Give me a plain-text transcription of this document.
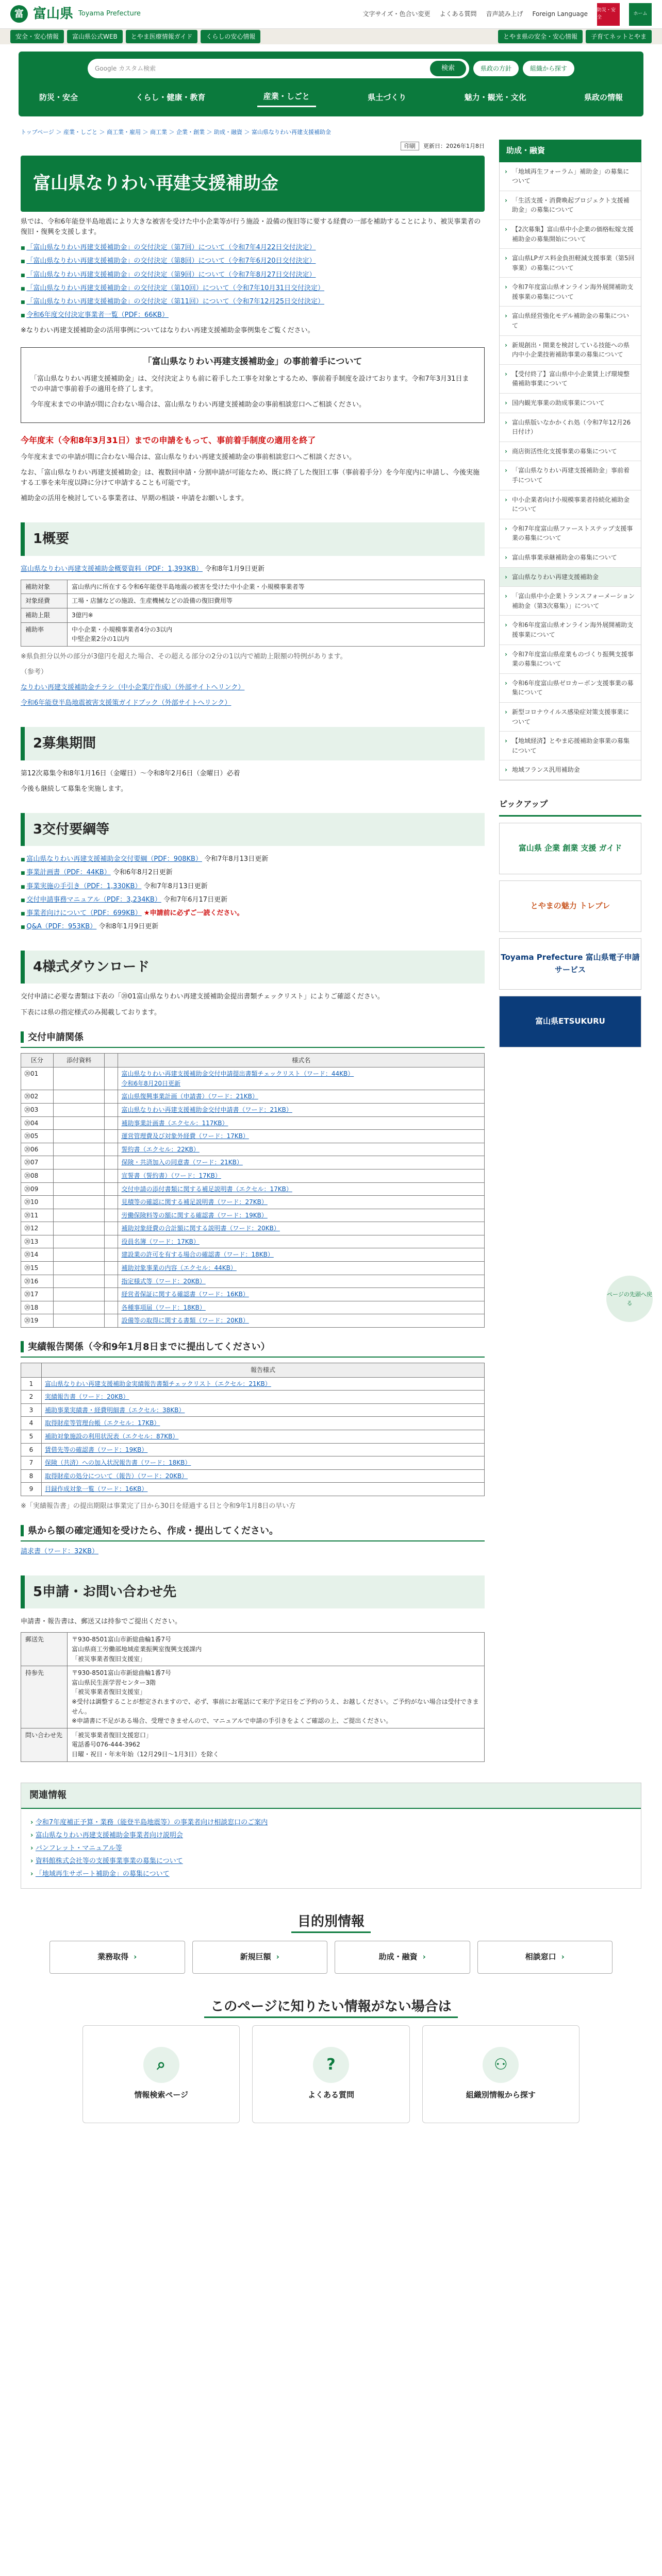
富 富山県 Toyama Prefecture	文字サイズ・色合い変更 よくある質問 音声読み上げ Foreign Language
防災・安全
ホーム
安全・安心情報	富山県公式WEB	とやま医療情報ガイド	くらしの安心情報	とやま県の安全・安心情報	子育てネットとやま
Google カスタム検索	検索	県政の方針	組織から探す
防災・安全	くらし・健康・教育	産業・しごと	県土づくり	魅力・観光・文化	県政の情報
トップページ ＞ 産業・しごと ＞ 商工業・雇用 ＞ 商工業 ＞ 企業・創業 ＞ 助成・融資 ＞ 富山県なりわい再建支援補助金
印刷 更新日：2026年1月8日
富山県なりわい再建支援補助金

県では、令和6年能登半島地震により大きな被害を受けた中小企業等が行う施設・設備の復旧等に要する経費の一部を補助することにより、被災事業者の復旧・復興を支援します。

■ 「富山県なりわい再建支援補助金」の交付決定（第7回）について（令和7年4月22日交付決定）
■ 「富山県なりわい再建支援補助金」の交付決定（第8回）について（令和7年6月20日交付決定）
■ 「富山県なりわい再建支援補助金」の交付決定（第9回）について（令和7年8月27日交付決定）
■ 「富山県なりわい再建支援補助金」の交付決定（第10回）について（令和7年10月31日交付決定）
■ 「富山県なりわい再建支援補助金」の交付決定（第11回）について（令和7年12月25日交付決定）
■ 令和6年度交付決定事業者一覧（PDF：66KB）

※なりわい再建支援補助金の活用事例についてはなりわい再建支援補助金事例集をご覧ください。

「富山県なりわい再建支援補助金」の事前着手について

「富山県なりわい再建支援補助金」は、交付決定よりも前に着手した工事を対象とするため、事前着手制度を設けております。令和7年3月31日までの申請で事前着手の適用を終了します。

今年度末までの申請が間に合わない場合は、富山県なりわい再建支援補助金の事前相談窓口へご相談ください。

今年度末（令和8年3月31日）までの申請をもって、事前着手制度の適用を終了

今年度末までの申請が間に合わない場合は、富山県なりわい再建支援補助金の事前相談窓口へご相談ください。

なお、「富山県なりわい再建支援補助金」は、複数回申請・分割申請が可能なため、既に終了した復旧工事（事前着手分）を今年度内に申請し、今後実施する工事を来年度以降に分けて申請することも可能です。

補助金の活用を検討している事業者は、早期の相談・申請をお願いします。

1概要

富山県なりわい再建支援補助金概要資料（PDF：1,393KB） 令和8年1月9日更新

補助対象	富山県内に所在する令和6年能登半島地震の被害を受けた中小企業・小規模事業者等
対象経費	工場・店舗などの施設、生産機械などの設備の復旧費用等
補助上限	3億円※
補助率	中小企業・小規模事業者4分の3以内
中堅企業2分の1以内

※県負担分以外の部分が3億円を超えた場合、その超える部分の2分の1以内で補助上限額の特例があります。

（参考）

なりわい再建支援補助金チラシ（中小企業庁作成）（外部サイトへリンク）

令和6年能登半島地震被害支援策ガイドブック（外部サイトへリンク）

2募集期間

第12次募集令和8年1月16日（金曜日）～令和8年2月6日（金曜日）必着

今後も継続して募集を実施します。

3交付要綱等
■ 富山県なりわい再建支援補助金交付要綱（PDF：908KB） 令和7年8月13日更新
■ 事業計画書（PDF：44KB） 令和6年8月2日更新
■ 事業実施の手引き（PDF：1,330KB） 令和7年8月13日更新
■ 交付申請事務マニュアル（PDF：3,234KB） 令和7年6月17日更新
■ 事業者向けについて（PDF：699KB） ★申請前に必ずご一読ください。
■ Q&A（PDF：953KB） 令和8年1月9日更新
4様式ダウンロード

交付申請に必要な書類は下表の「⑳01富山県なりわい再建支援補助金提出書類チェックリスト」によりご確認ください。

下表には県の指定様式のみ掲載しております。

交付申請関係
区分	添付資料		様式名
⑳01			富山県なりわい再建支援補助金交付申請提出書類チェックリスト（ワード：44KB）
令和6年8月20日更新
⑳02			富山県復興事業計画（申請書）（ワード：21KB）
⑳03			富山県なりわい再建支援補助金交付申請書（ワード：21KB）
⑳04			補助事業計画書（エクセル：117KB）
⑳05			運営管理費及び対象外経費（ワード：17KB）
⑳06			誓約書（エクセル：22KB）
⑳07			保険・共済加入の同意書（ワード：21KB）
⑳08			宣誓書（誓約書）（ワード：17KB）
⑳09			交付申請の添付書類に関する補足説明書（エクセル：17KB）
⑳10			見積等の確認に関する補足説明書（ワード：27KB）
⑳11			労働保険料等の額に関する確認書（ワード：19KB）
⑳12			補助対象経費の合計額に関する説明書（ワード：20KB）
⑳13			役員名簿（ワード：17KB）
⑳14			建設業の許可を有する場合の確認書（ワード：18KB）
⑳15			補助対象事業の内容（エクセル：44KB）
⑳16			指定様式等（ワード：20KB）
⑳17			経営者保証に関する確認書（ワード：16KB）
⑳18			各種事項届（ワード：18KB）
⑳19			設備等の取得に関する書類（ワード：20KB）
実績報告関係（令和9年1月8日までに提出してください）
	報告様式
1	富山県なりわい再建支援補助金実績報告書類チェックリスト（エクセル：21KB）
2	実績報告書（ワード：20KB）
3	補助事業実績書・経費明細書（エクセル：38KB）
4	取得財産等管理台帳（エクセル：17KB）
5	補助対象施設の利用状況表（エクセル：87KB）
6	賃借先等の確認書（ワード：19KB）
7	保険（共済）への加入状況報告書（ワード：18KB）
8	取得財産の処分について（報告）（ワード：20KB）
9	目録作成対象一覧（ワード：16KB）

※「実績報告書」の提出期限は事業完了日から30日を経過する日と令和9年1月8日の早い方

県から額の確定通知を受けたら、作成・提出してください。

請求書（ワード：32KB）

5申請・お問い合わせ先

申請書・報告書は、郵送又は持参でご提出ください。

郵送先	〒930-8501富山市新総曲輪1番7号
富山県商工労働部地域産業振興室復興支援課内
「被災事業者復旧支援室」
持参先	〒930-8501富山市新総曲輪1番7号
富山県民生涯学習センター3階
「被災事業者復旧支援室」
※受付は調整することが想定されますので、必ず、事前にお電話にて来庁予定日をご予約のうえ、お越しください。ご予約がない場合は受付できません。
※申請書に不足がある場合、受理できませんので、マニュアルで申請の手引きをよくご確認の上、ご提出ください。
問い合わせ先	「被災事業者復旧支援窓口」
電話番号076-444-3962
日曜・祝日・年末年始（12月29日～1月3日）を除く
助成・融資
› 「地域再生フォーラム」補助金」の募集について
› 「生活支援・消費喚起プロジェクト支援補助金」の募集について
› 【2次募集】富山県中小企業の価格転嫁支援補助金の募集開始について
› 富山県LPガス料金負担軽減支援事業（第5回事業）の募集について
› 令和7年度富山県オンライン海外展開補助支援事業の募集について
› 富山県経営強化モデル補助金の募集について
› 新規創出・開業を検討している技能への県内中小企業技術補助事業の募集について
› 【受付終了】富山県中小企業賃上げ環境整備補助事業について
› 国内観光事業の助成事業について
› 富山県版いなかかくれ処（令和7年12月26日付け）
› 商店街活性化支援事業の募集について
› 「富山県なりわい再建支援補助金」事前着手について
› 中小企業者向け小規模事業者持続化補助金について
› 令和7年度富山県ファーストステップ支援事業の募集について
› 富山県事業承継補助金の募集について
› 富山県なりわい再建支援補助金
› 「富山県中小企業トランスフォーメーション補助金（第3次募集）」について
› 令和6年度富山県オンライン海外展開補助支援事業について
› 令和7年度富山県産業ものづくり振興支援事業の募集について
› 令和6年度富山県ゼロカーボン支援事業の募集について
› 新型コロナウイルス感染症対策支援事業について
› 【地域経済】とやま応援補助金事業の募集について
› 地域フランス汎用補助金
ピックアップ
富山県 企業 創業 支援 ガイド
とやまの魅力 トレブレ
Toyama Prefecture 富山県電子申請サービス
富山県ETSUKURU
ページの先頭へ戻る
関連情報
› 令和7年度補正予算・業務（能登半島地震等）の事業者向け相談窓口のご案内
› 富山県なりわい再建支援補助金事業者向け説明会
› パンフレット・マニュアル等
› 資料館株式会社等の支援事業事業の募集について
› 「地域再生サポート補助金」の募集について
目的別情報
業務取得
›	新規巨額
›	助成・融資
›	相談窓口
›
このページに知りたい情報がない場合は
⌕
情報検索ページ
?
よくある質問
⚇
組織別情報から探す
